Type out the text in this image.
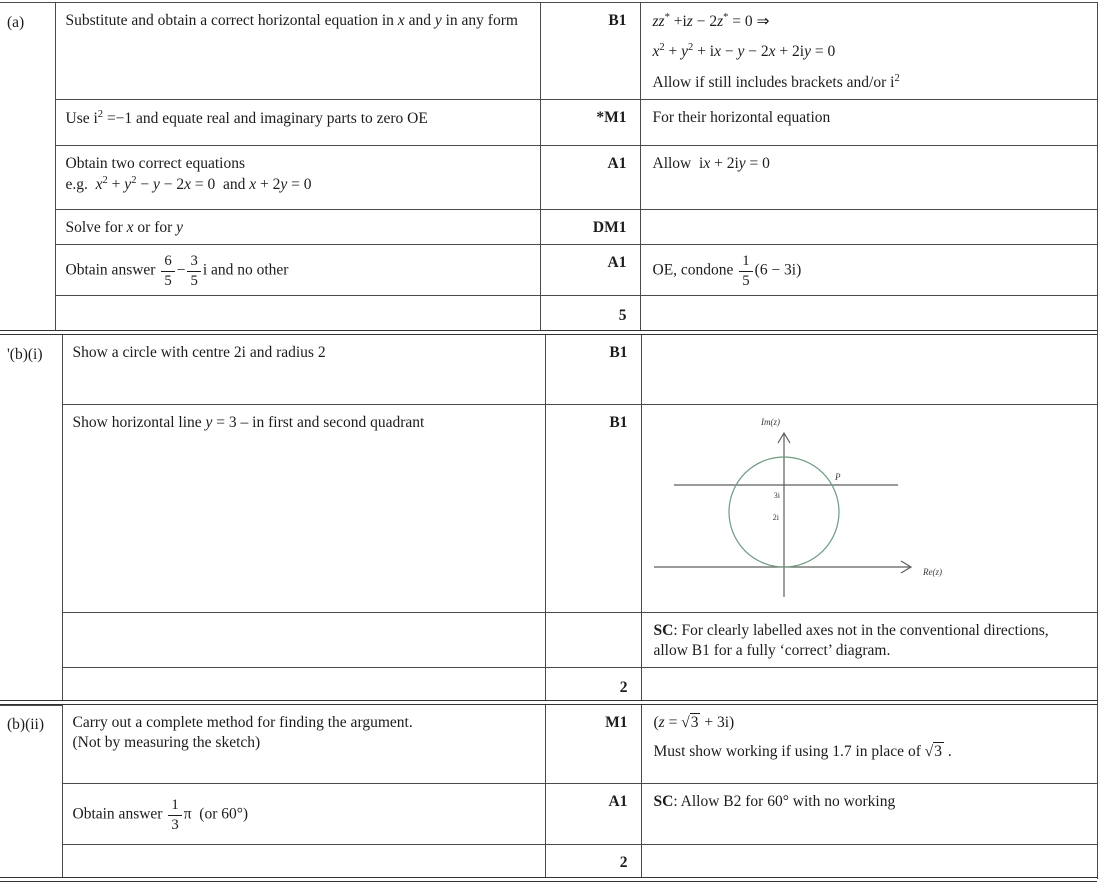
(a)	Substitute and obtain a correct horizontal equation in x and y in any form	B1	zz* +iz − 2z* = 0 ⇒
$x^2 + y^2$ + ix − y − 2x + 2iy = 0
Allow if still includes brackets and/or $i^2$

	Use $i^2 =-1$ and equate real and imaginary parts to zero OE	*M1	For their horizontal equation
	Obtain two correct equations
e.g.  $x^2 + y^2 - y - 2x = 0$  and x + 2y = 0	A1	Allow  ix + 2iy = 0
	Solve for x or for y	DM1	
Obtain answer $\frac{6}{5} - \frac{3}{5}$ i and no other	A1	OE, condone $\frac{1}{5} (6 - 3i)$
		5	
'(b)(i)	Show a circle with centre 2i and radius 2	B1	
	Show horizontal line y = 3 – in first and second quadrant	B1	Im(z)
Re(z)
P
3i
2i

			SC: For clearly labelled axes not in the conventional directions, allow B1 for a fully ‘correct’ diagram.
		2	
(b)(ii)	Carry out a complete method for finding the argument.
(Not by measuring the sketch)	M1	(z = √3 + 3i)
Must show working if using 1.7 in place of √3 .

	Obtain answer $\frac{1}{3}$ π  (or 60°)	A1	SC: Allow B2 for 60° with no working
		2	
